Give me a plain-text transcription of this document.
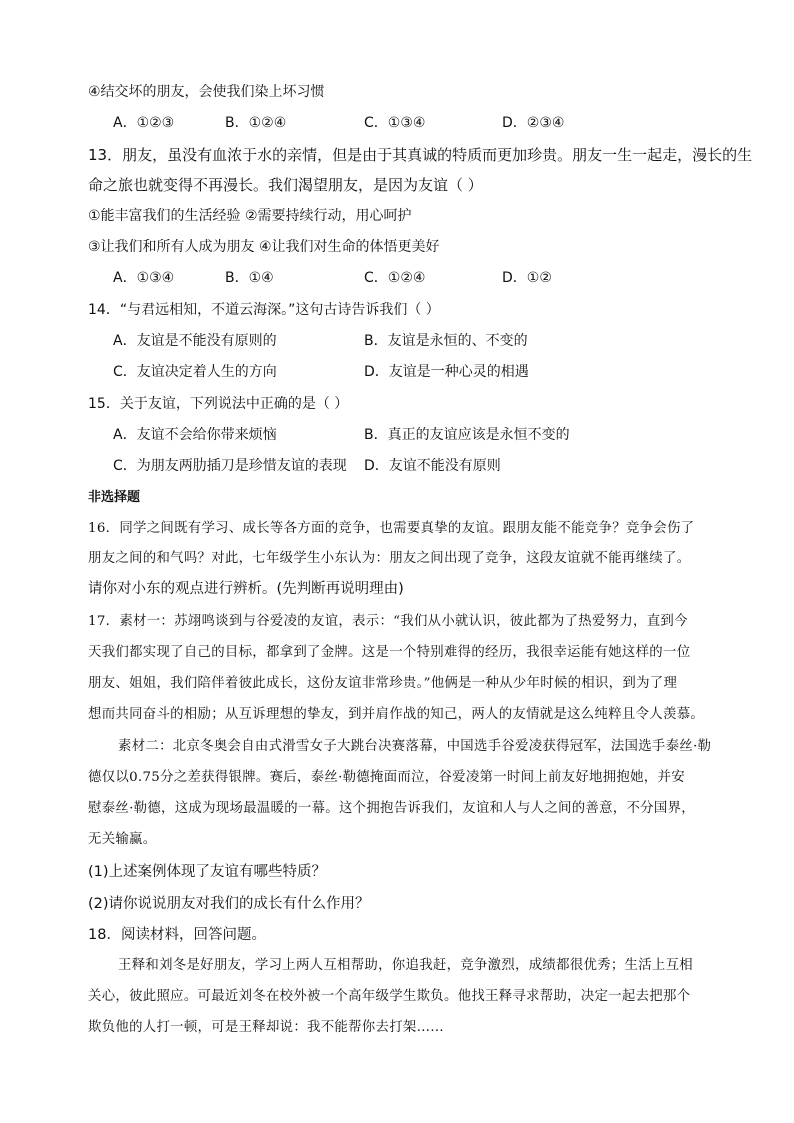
④结交坏的朋友，会使我们染上坏习惯
A．①②③	B．①②④	C．①③④	D．②③④
13．朋友，虽没有血浓于水的亲情，但是由于其真诚的特质而更加珍贵。朋友一生一起走，漫长的生
命之旅也就变得不再漫长。我们渴望朋友，是因为友谊（ ）
①能丰富我们的生活经验 ②需要持续行动，用心呵护
③让我们和所有人成为朋友 ④让我们对生命的体悟更美好
A．①③④	B．①④	C．①②④	D．①②
14．“与君远相知，不道云海深。”这句古诗告诉我们（ ）
A．友谊是不能没有原则的	B．友谊是永恒的、不变的
C．友谊决定着人生的方向	D．友谊是一种心灵的相遇
15．关于友谊，下列说法中正确的是（ ）
A．友谊不会给你带来烦恼	B．真正的友谊应该是永恒不变的
C．为朋友两肋插刀是珍惜友谊的表现 D．友谊不能没有原则
非选择题
16．同学之间既有学习、成长等各方面的竞争，也需要真挚的友谊。跟朋友能不能竞争？竞争会伤了
朋友之间的和气吗？对此，七年级学生小东认为：朋友之间出现了竞争，这段友谊就不能再继续了。
请你对小东的观点进行辨析。(先判断再说明理由)
17．素材一：苏翊鸣谈到与谷爱凌的友谊，表示：“我们从小就认识，彼此都为了热爱努力，直到今
天我们都实现了自己的目标，都拿到了金牌。这是一个特别难得的经历，我很幸运能有她这样的一位
朋友、姐姐，我们陪伴着彼此成长，这份友谊非常珍贵。”他俩是一种从少年时候的相识，到为了理
想而共同奋斗的相励；从互诉理想的挚友，到并肩作战的知己，两人的友情就是这么纯粹且令人羡慕。
素材二：北京冬奥会自由式滑雪女子大跳台决赛落幕，中国选手谷爱凌获得冠军，法国选手泰丝·勒
德仅以0.75分之差获得银牌。赛后，泰丝·勒德掩面而泣，谷爱凌第一时间上前友好地拥抱她，并安
慰泰丝·勒德，这成为现场最温暖的一幕。这个拥抱告诉我们，友谊和人与人之间的善意，不分国界，
无关输赢。
(1)上述案例体现了友谊有哪些特质？
(2)请你说说朋友对我们的成长有什么作用？
18．阅读材料，回答问题。
王释和刘冬是好朋友，学习上两人互相帮助，你追我赶，竞争激烈，成绩都很优秀；生活上互相
关心，彼此照应。可最近刘冬在校外被一个高年级学生欺负。他找王释寻求帮助，决定一起去把那个
欺负他的人打一顿，可是王释却说：我不能帮你去打架……
